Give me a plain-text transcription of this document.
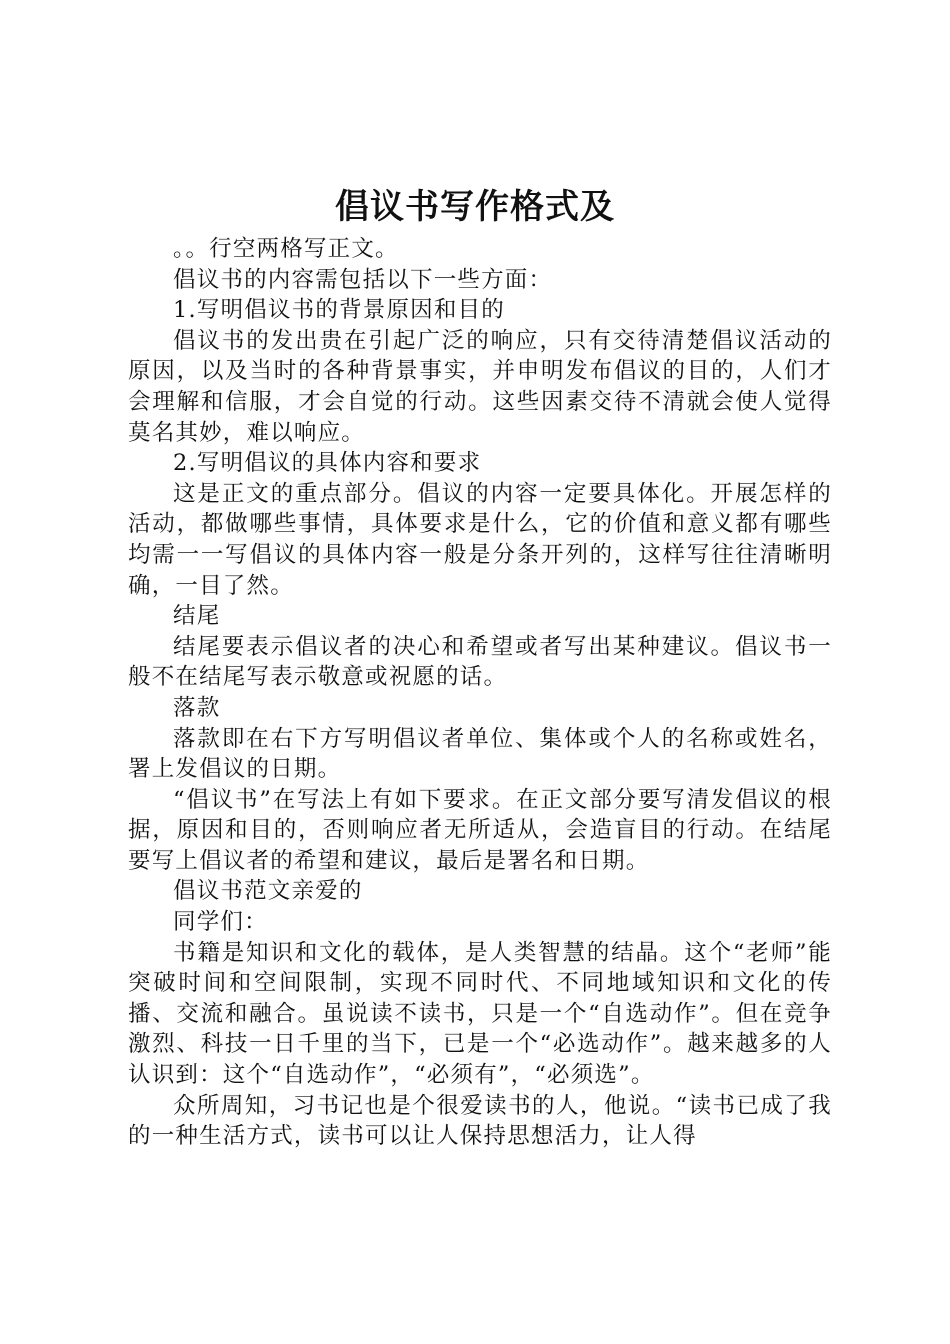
倡议书写作格式及

。。行空两格写正文。

倡议书的内容需包括以下一些方面：

1.写明倡议书的背景原因和目的

倡议书的发出贵在引起广泛的响应，只有交待清楚倡议活动的原因，以及当时的各种背景事实，并申明发布倡议的目的，人们才会理解和信服，才会自觉的行动。这些因素交待不清就会使人觉得莫名其妙，难以响应。

2.写明倡议的具体内容和要求

这是正文的重点部分。倡议的内容一定要具体化。开展怎样的活动，都做哪些事情，具体要求是什么，它的价值和意义都有哪些均需一一写倡议的具体内容一般是分条开列的，这样写往往清晰明确，一目了然。

结尾

结尾要表示倡议者的决心和希望或者写出某种建议。倡议书一般不在结尾写表示敬意或祝愿的话。

落款

落款即在右下方写明倡议者单位、集体或个人的名称或姓名，署上发倡议的日期。

“倡议书”在写法上有如下要求。在正文部分要写清发倡议的根据，原因和目的，否则响应者无所适从，会造盲目的行动。在结尾要写上倡议者的希望和建议，最后是署名和日期。

倡议书范文亲爱的

同学们：

书籍是知识和文化的载体，是人类智慧的结晶。这个“老师”能突破时间和空间限制，实现不同时代、不同地域知识和文化的传播、交流和融合。虽说读不读书，只是一个“自选动作”。但在竞争激烈、科技一日千里的当下，已是一个“必选动作”。越来越多的人认识到：这个“自选动作”，“必须有”，“必须选”。

众所周知，习书记也是个很爱读书的人，他说。“读书已成了我的一种生活方式，读书可以让人保持思想活力，让人得
